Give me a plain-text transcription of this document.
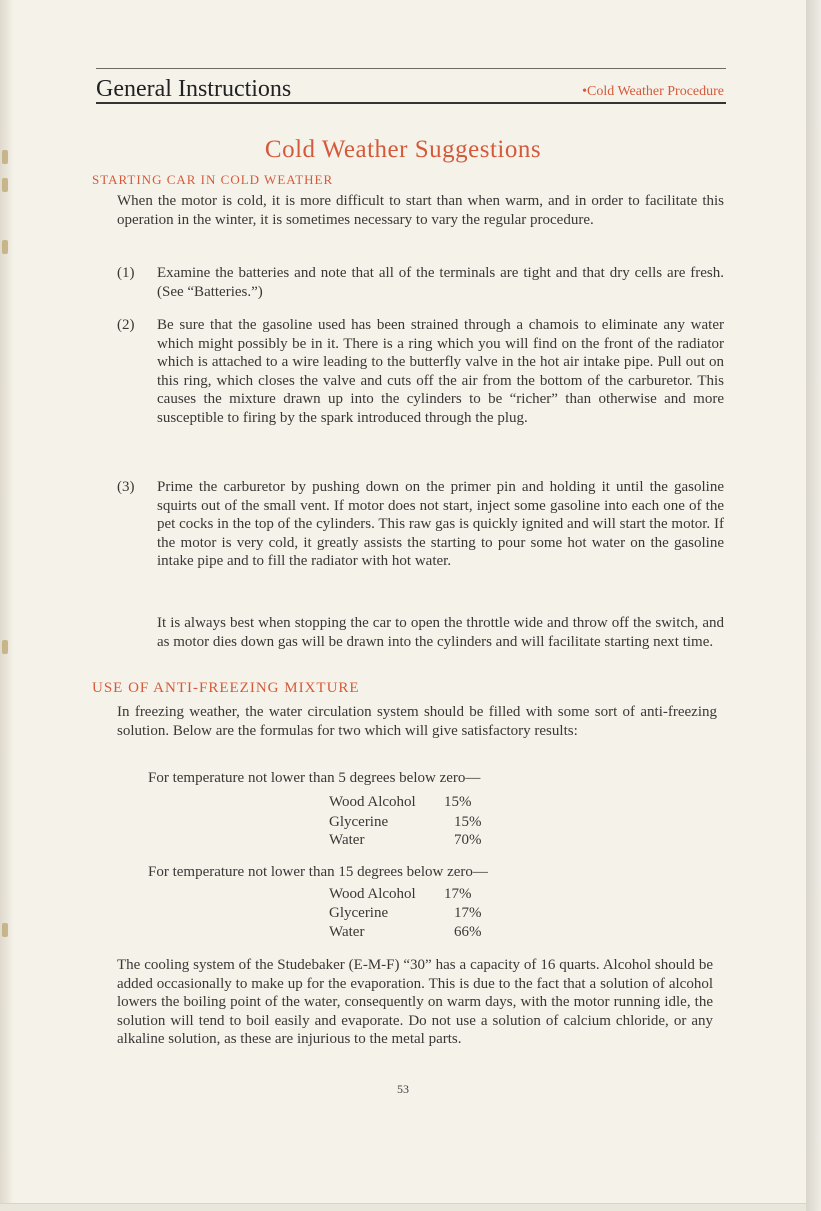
General Instructions	•Cold Weather Procedure
Cold Weather Suggestions
STARTING CAR IN COLD WEATHER
When the motor is cold, it is more difficult to start than when warm, and in order to facilitate this operation in the winter, it is sometimes necessary to vary the regular procedure.
(1) Examine the batteries and note that all of the terminals are tight and that dry cells are fresh. (See “Batteries.”)
(2) Be sure that the gasoline used has been strained through a chamois to eliminate any water which might possibly be in it. There is a ring which you will find on the front of the radiator which is attached to a wire leading to the butterfly valve in the hot air intake pipe. Pull out on this ring, which closes the valve and cuts off the air from the bottom of the carburetor. This causes the mixture drawn up into the cylinders to be “richer” than otherwise and more susceptible to firing by the spark introduced through the plug.
(3) Prime the carburetor by pushing down on the primer pin and holding it until the gasoline squirts out of the small vent. If motor does not start, inject some gasoline into each one of the pet cocks in the top of the cylinders. This raw gas is quickly ignited and will start the motor. If the motor is very cold, it greatly assists the starting to pour some hot water on the gasoline intake pipe and to fill the radiator with hot water.
It is always best when stopping the car to open the throttle wide and throw off the switch, and as motor dies down gas will be drawn into the cylinders and will facilitate starting next time.
USE OF ANTI-FREEZING MIXTURE
In freezing weather, the water circulation system should be filled with some sort of anti-freezing solution. Below are the formulas for two which will give satisfactory results:
For temperature not lower than 5 degrees below zero—
Wood Alcohol 15%
Glycerine	15%
Water	70%
For temperature not lower than 15 degrees below zero—
Wood Alcohol 17%
Glycerine	17%
Water	66%
The cooling system of the Studebaker (E-M-F) “30” has a capacity of 16 quarts. Alcohol should be added occasionally to make up for the evaporation. This is due to the fact that a solution of alcohol lowers the boiling point of the water, consequently on warm days, with the motor running idle, the solution will tend to boil easily and evaporate. Do not use a solution of calcium chloride, or any alkaline solution, as these are injurious to the metal parts.
53
